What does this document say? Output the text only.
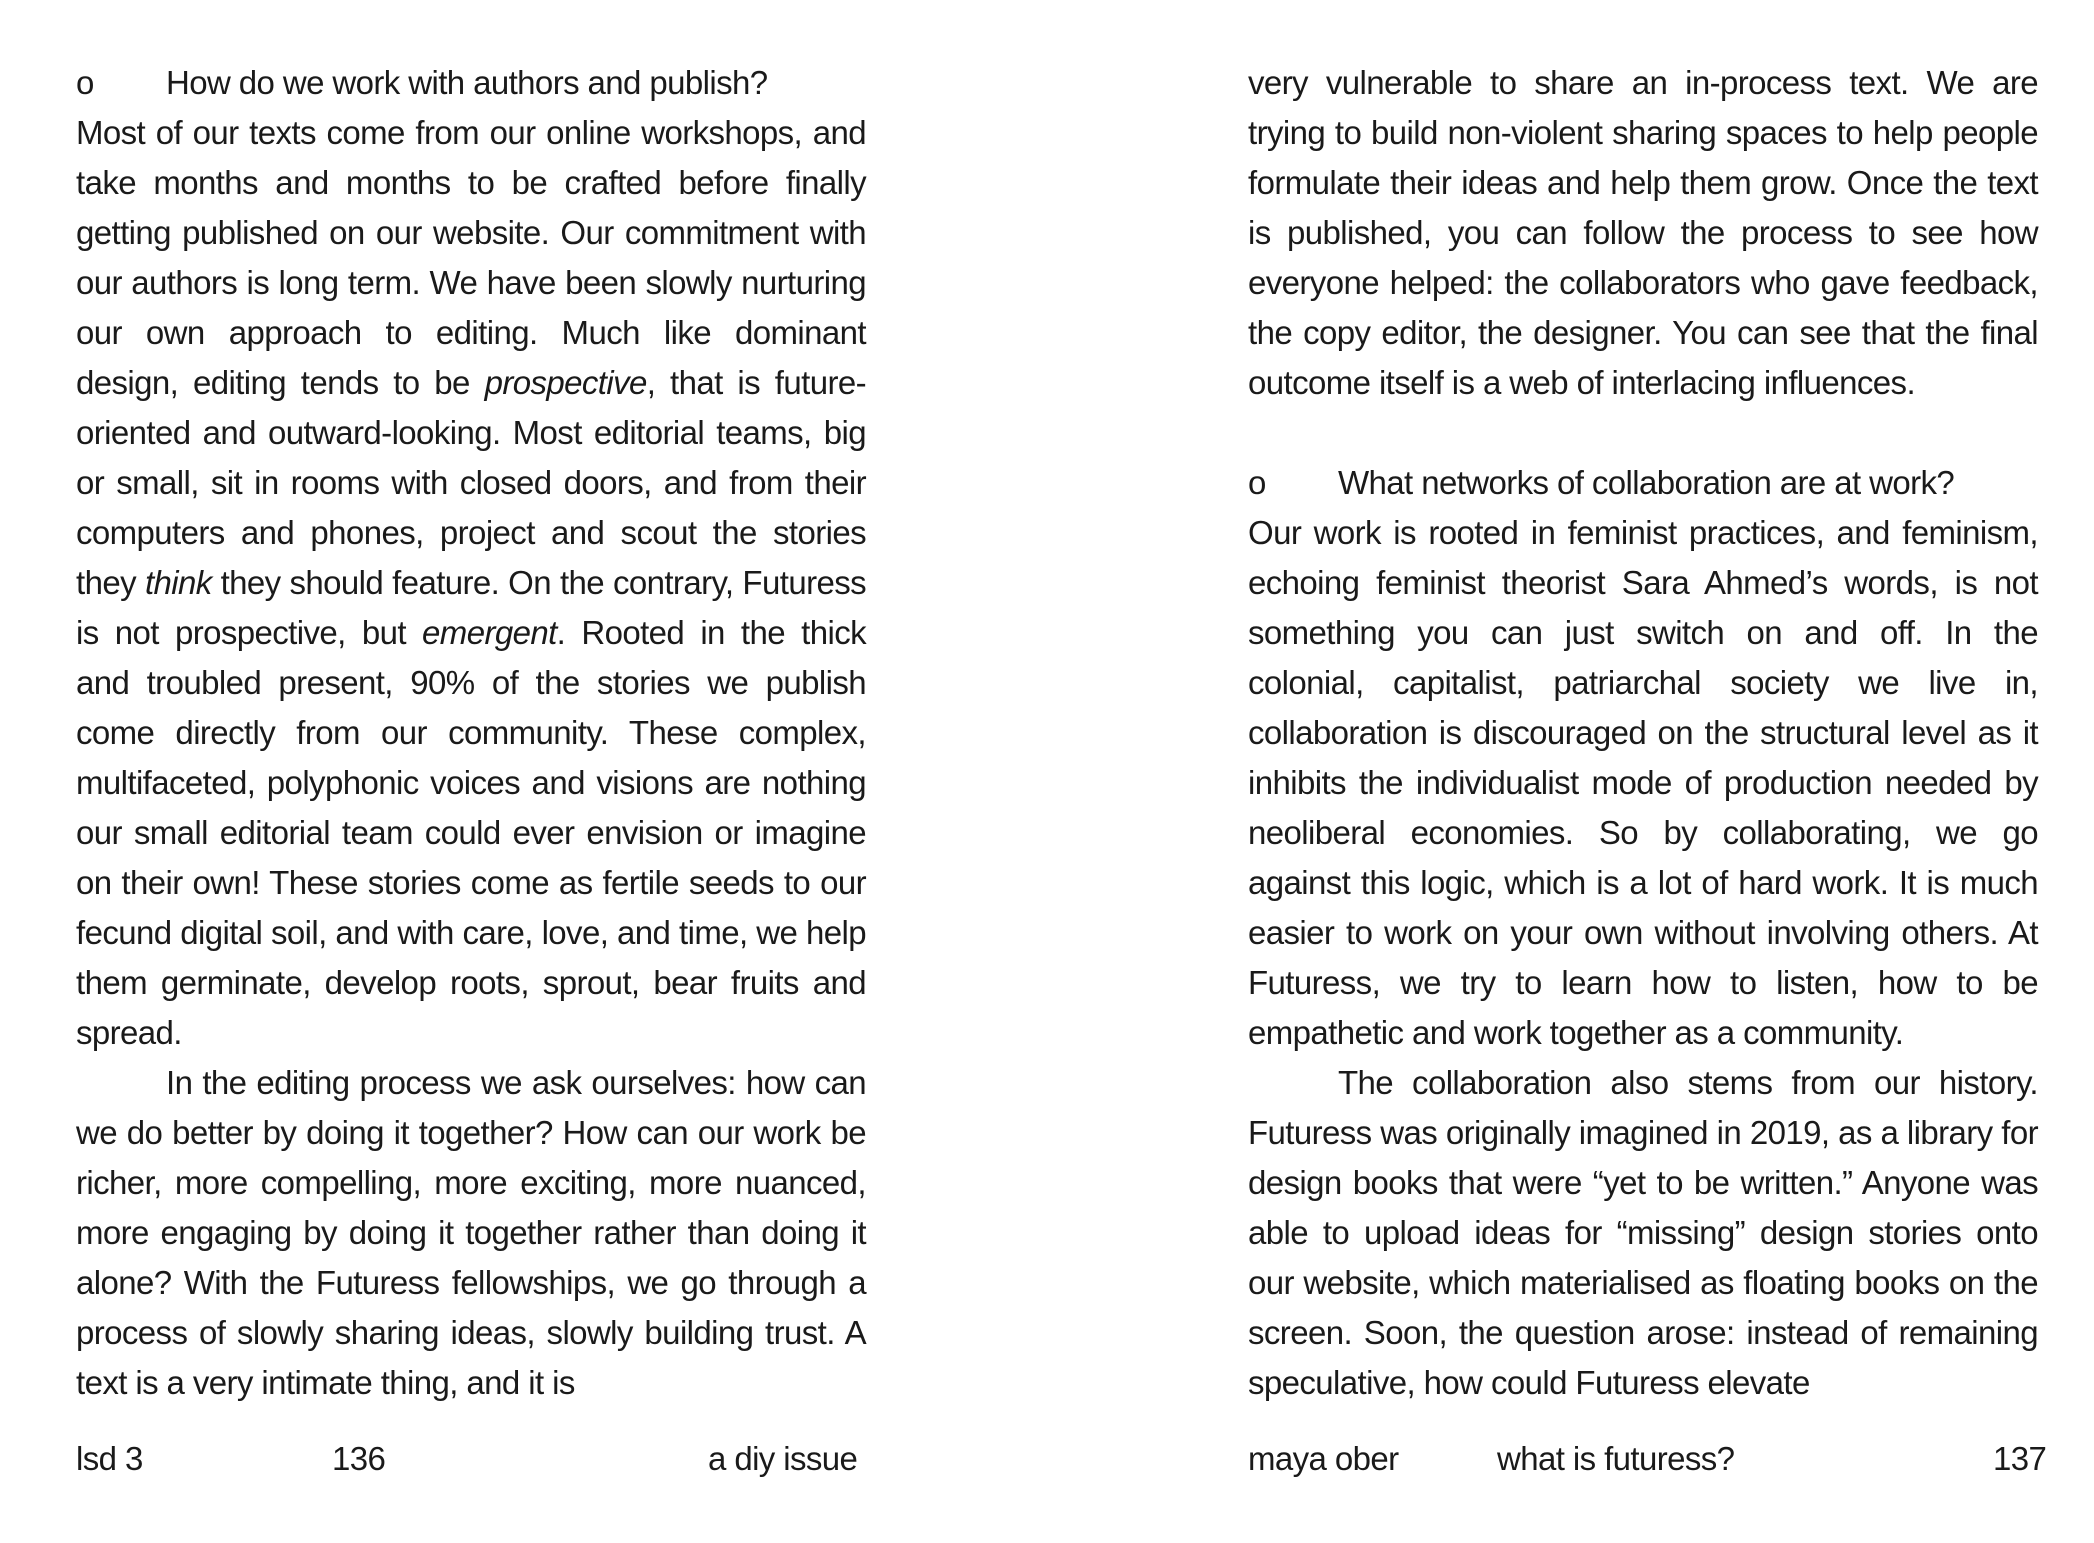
o How do we work with authors and publish?

Most of our texts come from our online workshops, and take months and months to be crafted before finally getting published on our website. Our commitment with our authors is long term. We have been slowly nurturing our own approach to editing. Much like dominant design, editing tends to be prospective, that is future-oriented and outward-looking. Most editorial teams, big or small, sit in rooms with closed doors, and from their computers and phones, project and scout the stories they think they should feature. On the contrary, Futuress is not prospective, but emergent. Rooted in the thick and troubled present, 90% of the stories we publish come directly from our community. These complex, multifaceted, polyphonic voices and visions are nothing our small editorial team could ever envision or imagine on their own! These stories come as fertile seeds to our fecund digital soil, and with care, love, and time, we help them germinate, develop roots, sprout, bear fruits and spread.

In the editing process we ask ourselves: how can we do better by doing it together? How can our work be richer, more compelling, more exciting, more nuanced, more engaging by doing it together rather than doing it alone? With the Futuress fellowships, we go through a process of slowly sharing ideas, slowly building trust. A text is a very intimate thing, and it is

lsd 3	136	a diy issue

very vulnerable to share an in-process text. We are trying to build non-violent sharing spaces to help people formulate their ideas and help them grow. Once the text is published, you can follow the process to see how everyone helped: the collaborators who gave feedback, the copy editor, the designer. You can see that the final outcome itself is a web of interlacing influences.

o What networks of collaboration are at work?

Our work is rooted in feminist practices, and feminism, echoing feminist theorist Sara Ahmed’s words, is not something you can just switch on and off. In the colonial, capitalist, patriarchal society we live in, collaboration is discouraged on the structural level as it inhibits the individualist mode of production needed by neoliberal economies. So by collaborating, we go against this logic, which is a lot of hard work. It is much easier to work on your own without involving others. At Futuress, we try to learn how to listen, how to be empathetic and work together as a community.

The collaboration also stems from our history. Futuress was originally imagined in 2019, as a library for design books that were “yet to be written.” Anyone was able to upload ideas for “missing” design stories onto our website, which materialised as floating books on the screen. Soon, the question arose: instead of remaining speculative, how could Futuress elevate

maya ober	what is futuress?	137
